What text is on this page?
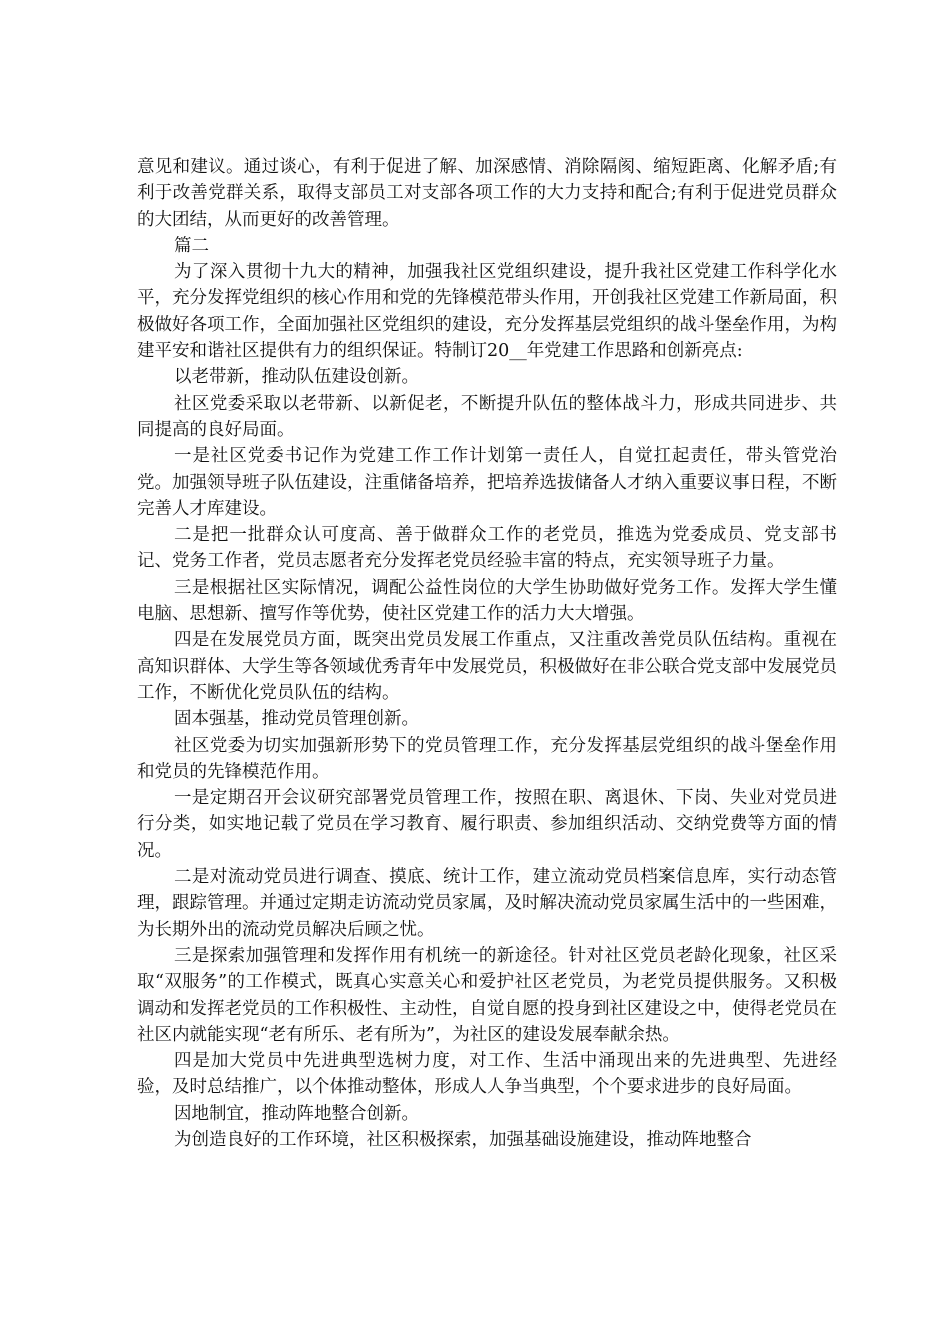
意见和建议。通过谈心，有利于促进了解、加深感情、消除隔阂、缩短距离、化解矛盾;有利于改善党群关系，取得支部员工对支部各项工作的大力支持和配合;有利于促进党员群众的大团结，从而更好的改善管理。

篇二

为了深入贯彻十九大的精神，加强我社区党组织建设，提升我社区党建工作科学化水平，充分发挥党组织的核心作用和党的先锋模范带头作用，开创我社区党建工作新局面，积极做好各项工作，全面加强社区党组织的建设，充分发挥基层党组织的战斗堡垒作用，为构建平安和谐社区提供有力的组织保证。特制订20__年党建工作思路和创新亮点:

以老带新，推动队伍建设创新。

社区党委采取以老带新、以新促老，不断提升队伍的整体战斗力，形成共同进步、共同提高的良好局面。

一是社区党委书记作为党建工作工作计划第一责任人，自觉扛起责任，带头管党治党。加强领导班子队伍建设，注重储备培养，把培养选拔储备人才纳入重要议事日程，不断完善人才库建设。

二是把一批群众认可度高、善于做群众工作的老党员，推选为党委成员、党支部书记、党务工作者，党员志愿者充分发挥老党员经验丰富的特点，充实领导班子力量。

三是根据社区实际情况，调配公益性岗位的大学生协助做好党务工作。发挥大学生懂电脑、思想新、擅写作等优势，使社区党建工作的活力大大增强。

四是在发展党员方面，既突出党员发展工作重点，又注重改善党员队伍结构。重视在高知识群体、大学生等各领域优秀青年中发展党员，积极做好在非公联合党支部中发展党员工作，不断优化党员队伍的结构。

固本强基，推动党员管理创新。

社区党委为切实加强新形势下的党员管理工作，充分发挥基层党组织的战斗堡垒作用和党员的先锋模范作用。

一是定期召开会议研究部署党员管理工作，按照在职、离退休、下岗、失业对党员进行分类，如实地记载了党员在学习教育、履行职责、参加组织活动、交纳党费等方面的情况。

二是对流动党员进行调查、摸底、统计工作，建立流动党员档案信息库，实行动态管理，跟踪管理。并通过定期走访流动党员家属，及时解决流动党员家属生活中的一些困难，为长期外出的流动党员解决后顾之忧。

三是探索加强管理和发挥作用有机统一的新途径。针对社区党员老龄化现象，社区采取“双服务”的工作模式，既真心实意关心和爱护社区老党员，为老党员提供服务。又积极调动和发挥老党员的工作积极性、主动性，自觉自愿的投身到社区建设之中，使得老党员在社区内就能实现“老有所乐、老有所为”，为社区的建设发展奉献余热。

四是加大党员中先进典型选树力度，对工作、生活中涌现出来的先进典型、先进经验，及时总结推广，以个体推动整体，形成人人争当典型，个个要求进步的良好局面。

因地制宜，推动阵地整合创新。

为创造良好的工作环境，社区积极探索，加强基础设施建设，推动阵地整合
